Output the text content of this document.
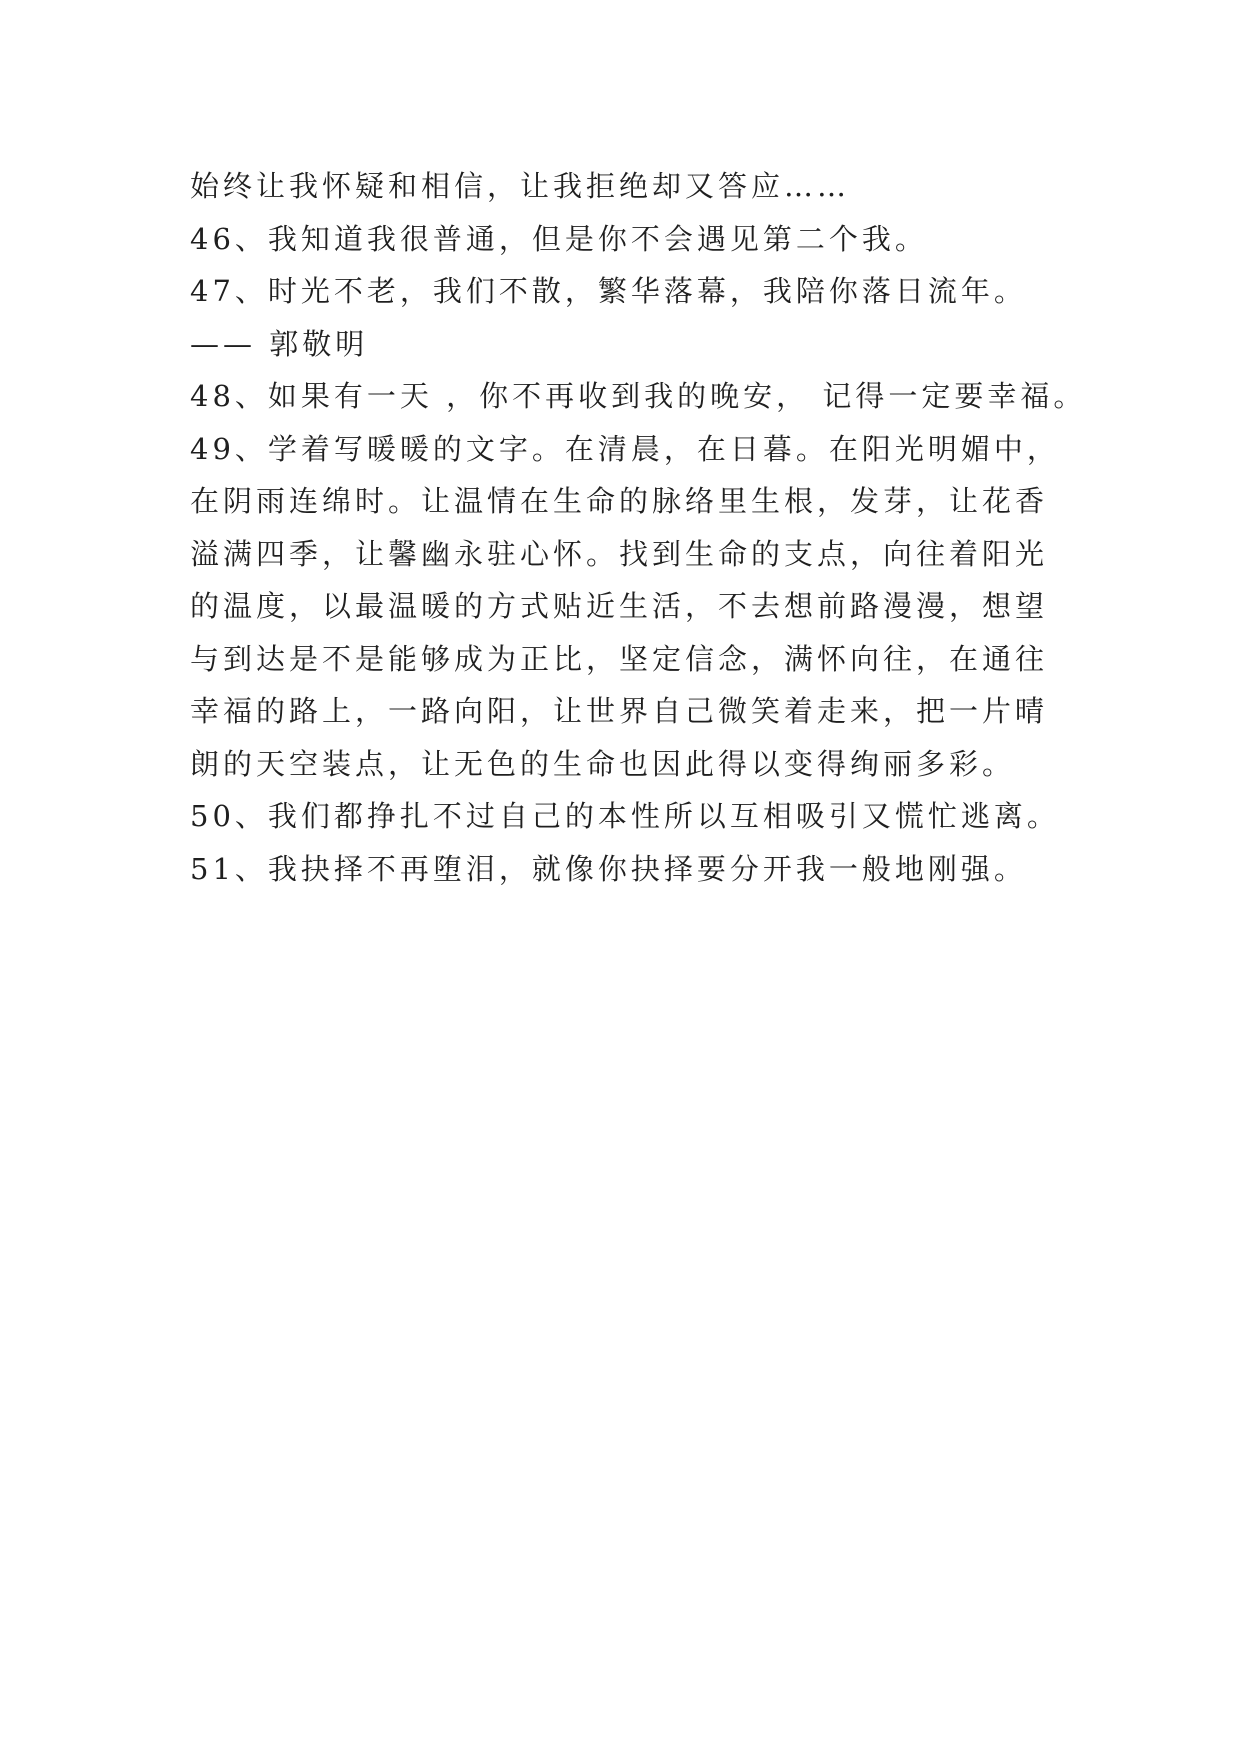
始终让我怀疑和相信，让我拒绝却又答应……
46、我知道我很普通，但是你不会遇见第二个我。
47、时光不老，我们不散，繁华落幕，我陪你落日流年。
—— 郭敬明
48、如果有一天 ，你不再收到我的晚安， 记得一定要幸福。
49、学着写暖暖的文字。在清晨，在日暮。在阳光明媚中，
在阴雨连绵时。让温情在生命的脉络里生根，发芽，让花香
溢满四季，让馨幽永驻心怀。找到生命的支点，向往着阳光
的温度，以最温暖的方式贴近生活，不去想前路漫漫，想望
与到达是不是能够成为正比，坚定信念，满怀向往，在通往
幸福的路上，一路向阳，让世界自己微笑着走来，把一片晴
朗的天空装点，让无色的生命也因此得以变得绚丽多彩。
50、我们都挣扎不过自己的本性所以互相吸引又慌忙逃离。
51、我抉择不再堕泪，就像你抉择要分开我一般地刚强。
